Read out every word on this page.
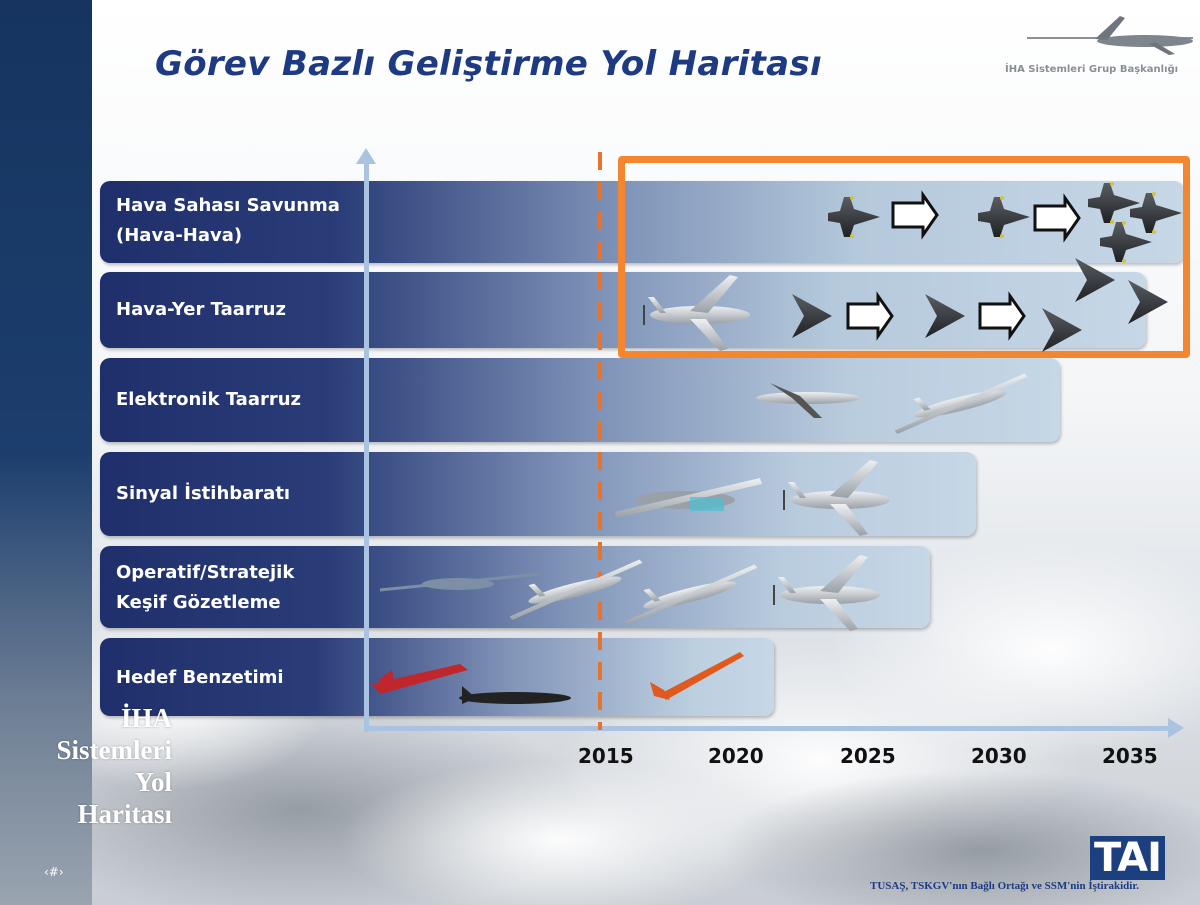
Görev Bazlı Geliştirme Yol Haritası	İHA Sistemleri Grup Başkanlığı
Hava Sahası Savunma
(Hava-Hava)
Hava-Yer Taarruz
Elektronik Taarruz
Sinyal İstihbaratı
Operatif/Stratejik
Keşif Gözetleme
Hedef Benzetimi
2015	2020	2025	2030	2035
İHA
Sistemleri
Yol
Haritası
‹#›	TAI
TUSAŞ, TSKGV'nın Bağlı Ortağı ve SSM'nin İştirakidir.
